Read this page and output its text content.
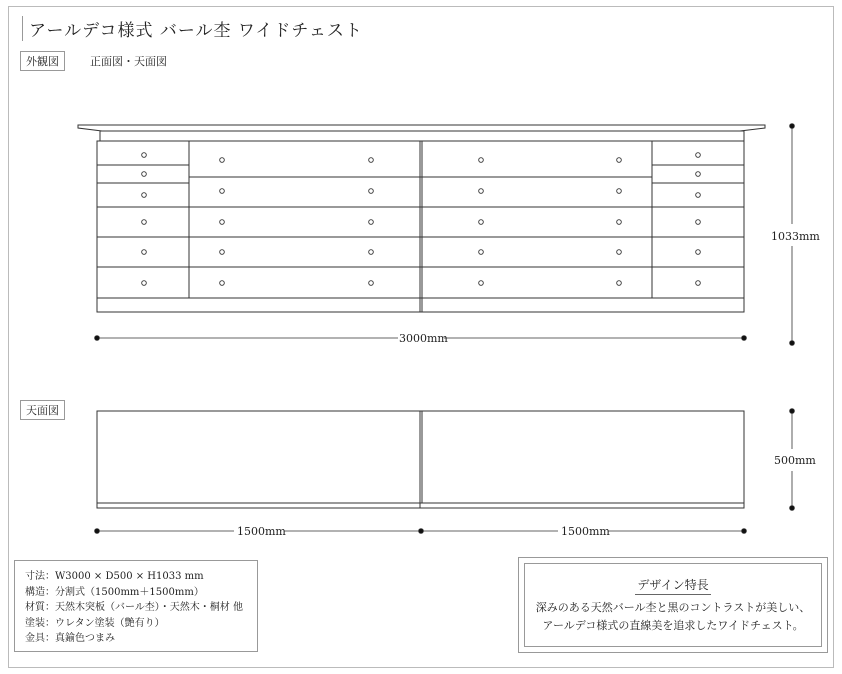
アールデコ様式 バール杢 ワイドチェスト
外観図	正面図・天面図
1033mm
3000mm
天面図
500mm
1500mm	1500mm
寸法：W3000 × D500 × H1033 mm
構造：分割式（1500mm＋1500mm）
材質：天然木突板（バール杢）・天然木・桐材 他
塗装：ウレタン塗装（艶有り）
金具：真鍮色つまみ
デザイン特長
深みのある天然バール杢と黒のコントラストが美しい、
アールデコ様式の直線美を追求したワイドチェスト。
